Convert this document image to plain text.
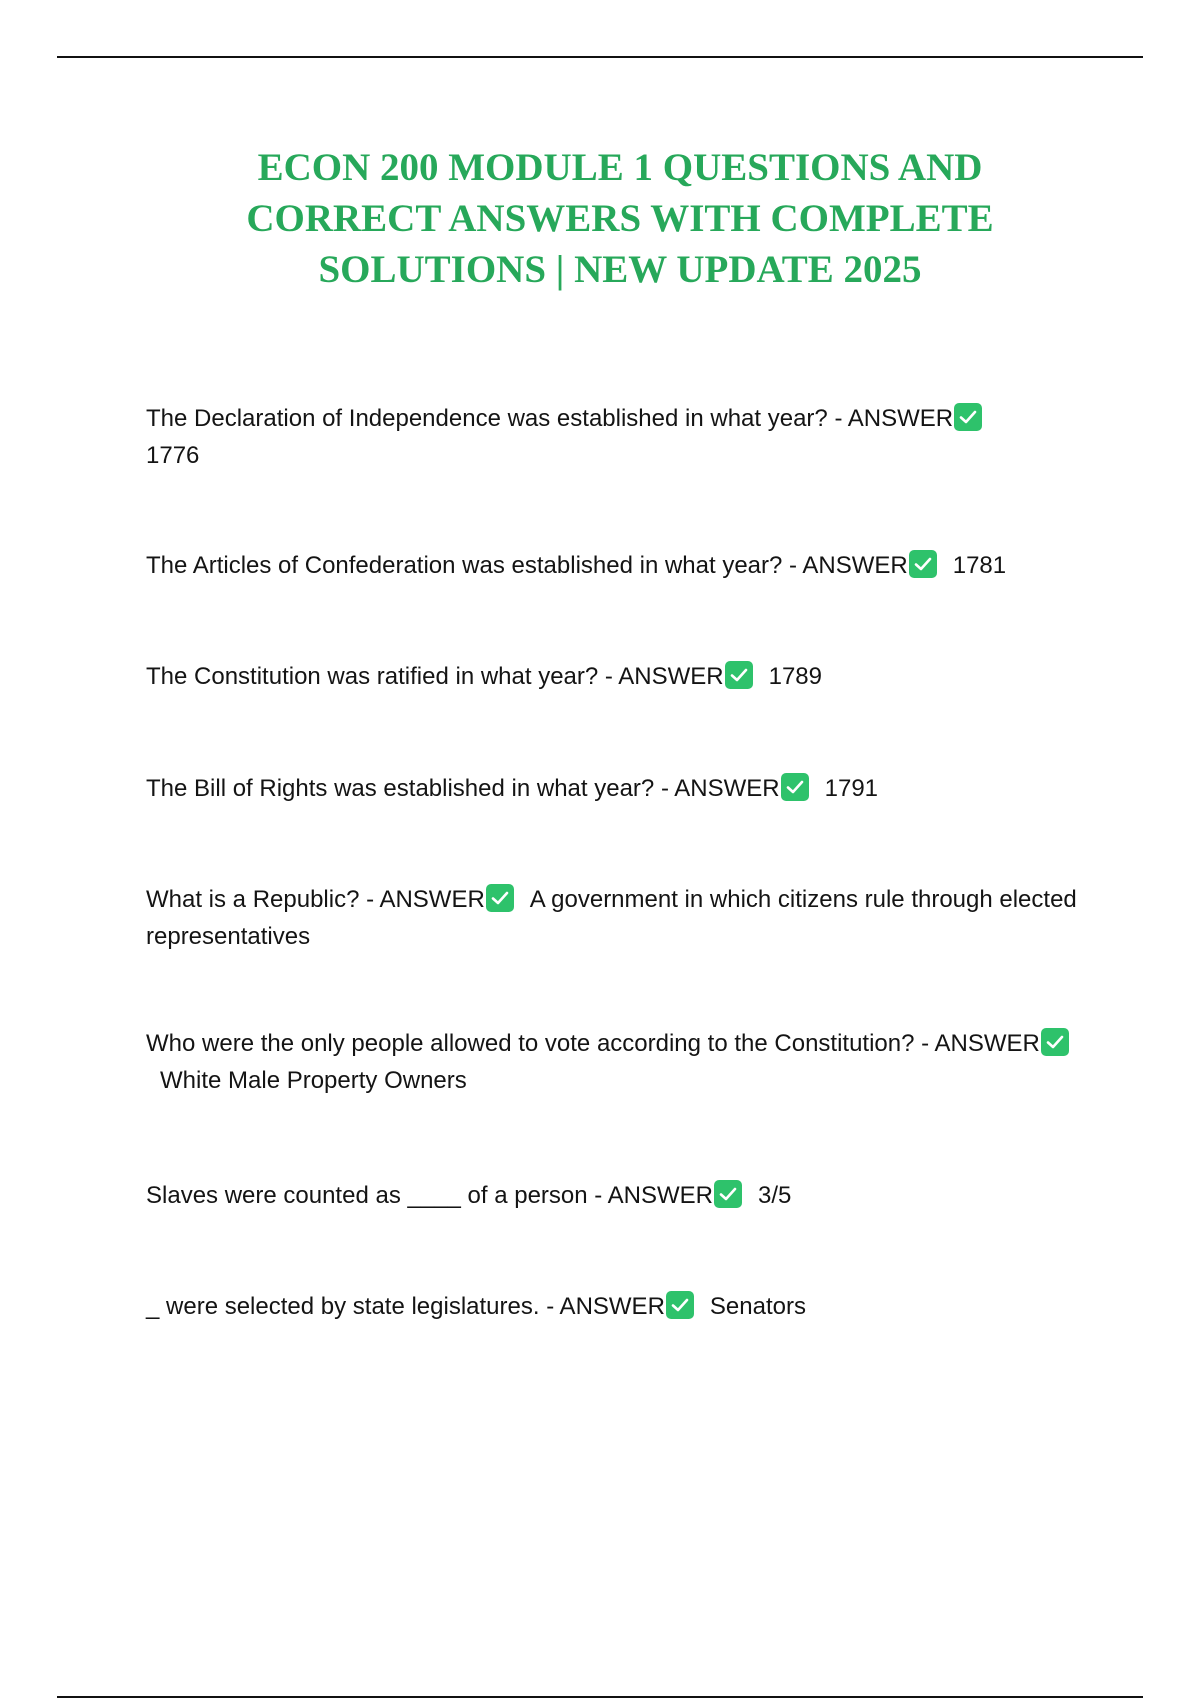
ECON 200 MODULE 1 QUESTIONS AND CORRECT ANSWERS WITH COMPLETE SOLUTIONS | NEW UPDATE 2025
The Declaration of Independence was established in what year? - ANSWER

1776
The Articles of Confederation was established in what year? - ANSWER 1781
The Constitution was ratified in what year? - ANSWER 1789
The Bill of Rights was established in what year? - ANSWER 1791
What is a Republic? - ANSWER A government in which citizens rule through elected representatives
Who were the only people allowed to vote according to the Constitution? - ANSWER
White Male Property Owners
Slaves were counted as ____ of a person - ANSWER 3/5
_ were selected by state legislatures. - ANSWER Senators
